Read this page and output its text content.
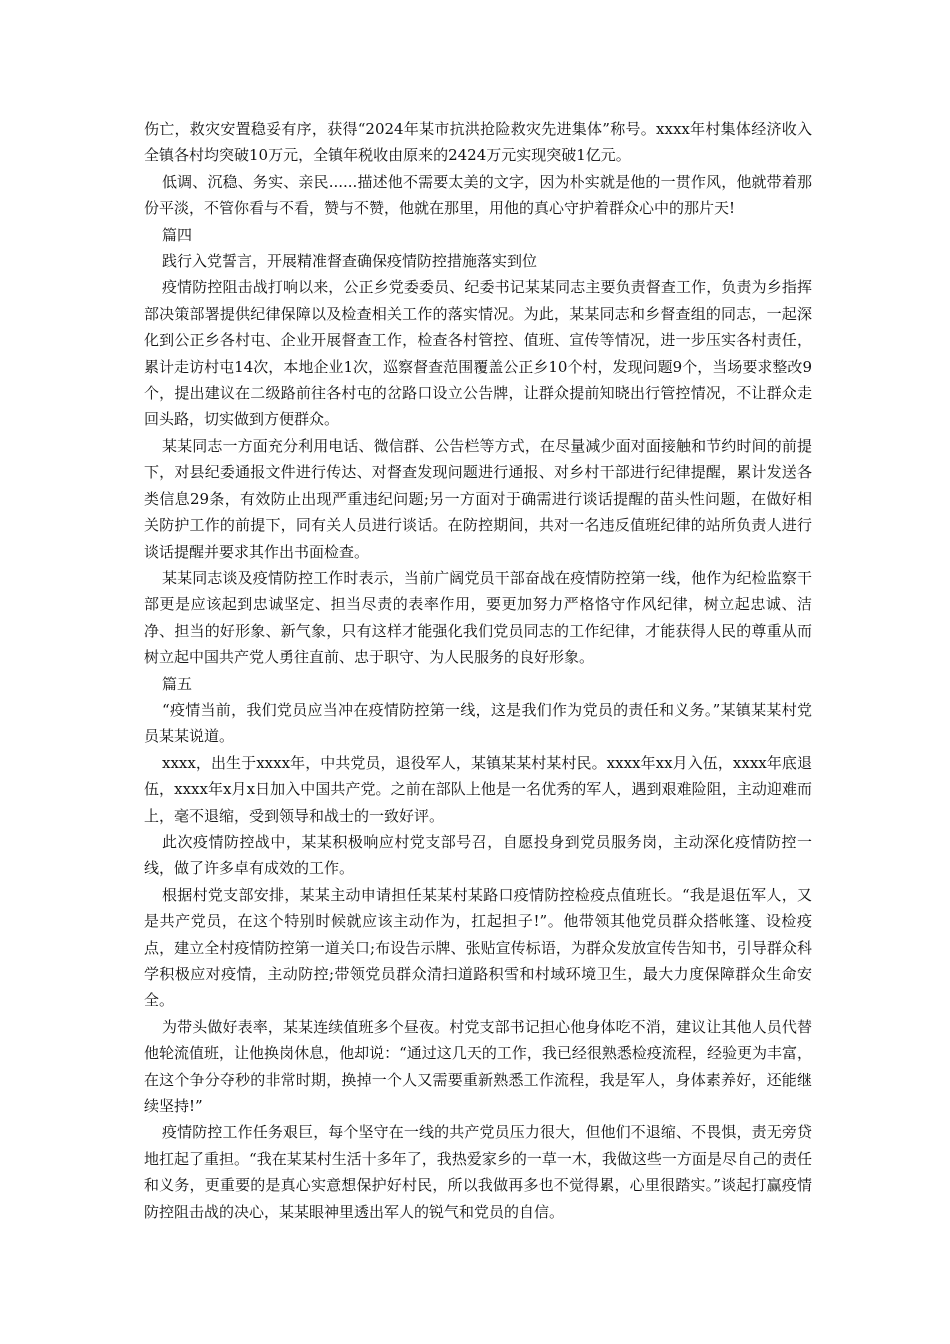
伤亡，救灾安置稳妥有序，获得“2024年某市抗洪抢险救灾先进集体”称号。xxxx年村集体经济收入全镇各村均突破10万元，全镇年税收由原来的2424万元实现突破1亿元。

低调、沉稳、务实、亲民......描述他不需要太美的文字，因为朴实就是他的一贯作风，他就带着那份平淡，不管你看与不看，赞与不赞，他就在那里，用他的真心守护着群众心中的那片天!

篇四

践行入党誓言，开展精准督查确保疫情防控措施落实到位

疫情防控阻击战打响以来，公正乡党委委员、纪委书记某某同志主要负责督查工作，负责为乡指挥部决策部署提供纪律保障以及检查相关工作的落实情况。为此，某某同志和乡督查组的同志，一起深化到公正乡各村屯、企业开展督查工作，检查各村管控、值班、宣传等情况，进一步压实各村责任，累计走访村屯14次，本地企业1次，巡察督查范围覆盖公正乡10个村，发现问题9个，当场要求整改9个，提出建议在二级路前往各村屯的岔路口设立公告牌，让群众提前知晓出行管控情况，不让群众走回头路，切实做到方便群众。

某某同志一方面充分利用电话、微信群、公告栏等方式，在尽量减少面对面接触和节约时间的前提下，对县纪委通报文件进行传达、对督查发现问题进行通报、对乡村干部进行纪律提醒，累计发送各类信息29条，有效防止出现严重违纪问题;另一方面对于确需进行谈话提醒的苗头性问题，在做好相关防护工作的前提下，同有关人员进行谈话。在防控期间，共对一名违反值班纪律的站所负责人进行谈话提醒并要求其作出书面检查。

某某同志谈及疫情防控工作时表示，当前广阔党员干部奋战在疫情防控第一线，他作为纪检监察干部更是应该起到忠诚坚定、担当尽责的表率作用，要更加努力严格恪守作风纪律，树立起忠诚、洁净、担当的好形象、新气象，只有这样才能强化我们党员同志的工作纪律，才能获得人民的尊重从而树立起中国共产党人勇往直前、忠于职守、为人民服务的良好形象。

篇五

“疫情当前，我们党员应当冲在疫情防控第一线，这是我们作为党员的责任和义务。”某镇某某村党员某某说道。

xxxx，出生于xxxx年，中共党员，退役军人，某镇某某村某村民。xxxx年xx月入伍，xxxx年底退伍，xxxx年x月x日加入中国共产党。之前在部队上他是一名优秀的军人，遇到艰难险阻，主动迎难而上，毫不退缩，受到领导和战士的一致好评。

此次疫情防控战中，某某积极响应村党支部号召，自愿投身到党员服务岗，主动深化疫情防控一线，做了许多卓有成效的工作。

根据村党支部安排，某某主动申请担任某某村某路口疫情防控检疫点值班长。“我是退伍军人，又是共产党员，在这个特别时候就应该主动作为，扛起担子!”。他带领其他党员群众搭帐篷、设检疫点，建立全村疫情防控第一道关口;布设告示牌、张贴宣传标语，为群众发放宣传告知书，引导群众科学积极应对疫情，主动防控;带领党员群众清扫道路积雪和村域环境卫生，最大力度保障群众生命安全。

为带头做好表率，某某连续值班多个昼夜。村党支部书记担心他身体吃不消，建议让其他人员代替他轮流值班，让他换岗休息，他却说：“通过这几天的工作，我已经很熟悉检疫流程，经验更为丰富，在这个争分夺秒的非常时期，换掉一个人又需要重新熟悉工作流程，我是军人，身体素养好，还能继续坚持!”

疫情防控工作任务艰巨，每个坚守在一线的共产党员压力很大，但他们不退缩、不畏惧，责无旁贷地扛起了重担。“我在某某村生活十多年了，我热爱家乡的一草一木，我做这些一方面是尽自己的责任和义务，更重要的是真心实意想保护好村民，所以我做再多也不觉得累，心里很踏实。”谈起打赢疫情防控阻击战的决心，某某眼神里透出军人的锐气和党员的自信。
